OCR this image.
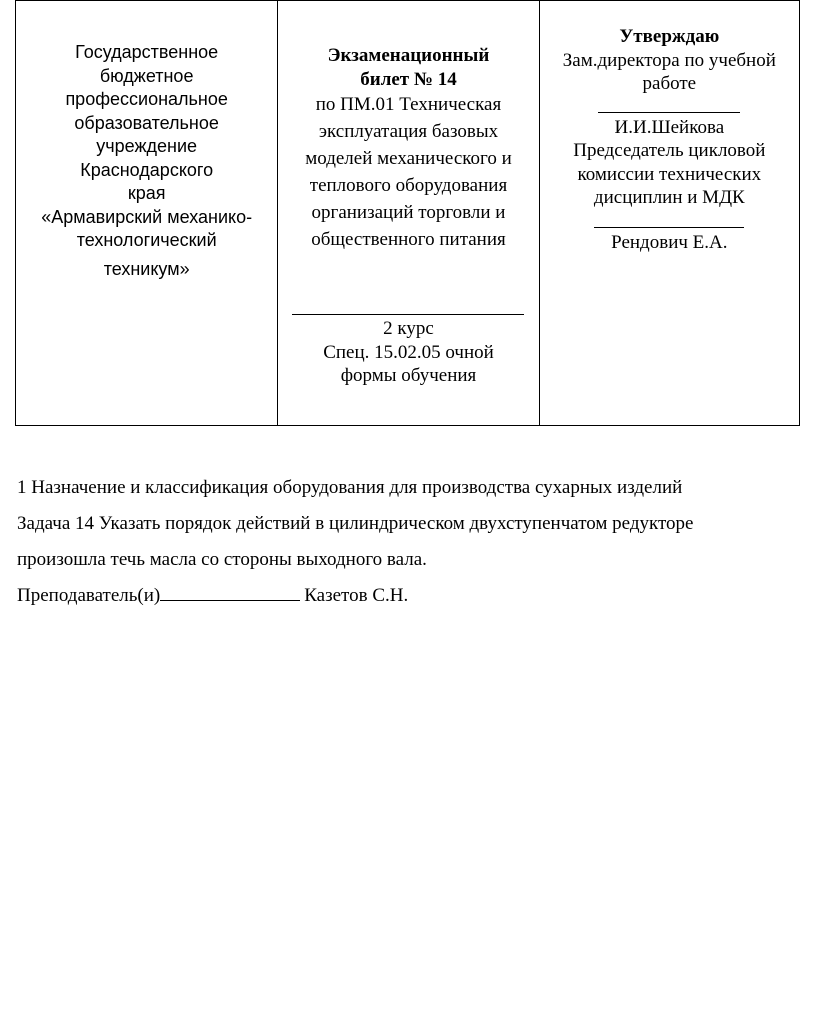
Государственное
бюджетное
профессиональное
образовательное
учреждение
Краснодарского
края
«Армавирский механико-
технологический
техникум»
Экзаменационный
билет № 14
по ПМ.01 Техническая
эксплуатация базовых
моделей механического и
теплового оборудования
организаций торговли и
общественного питания
2 курс
Спец. 15.02.05 очной
формы обучения
Утверждаю
Зам.директора по учебной
работе
И.И.Шейкова
Председатель цикловой
комиссии технических
дисциплин и МДК
Рендович Е.А.

1 Назначение и классификация оборудования для производства сухарных изделий

Задача 14 Указать порядок действий в цилиндрическом двухступенчатом редукторе

произошла течь масла со стороны выходного вала.

Преподаватель(и)	Казетов С.Н.
